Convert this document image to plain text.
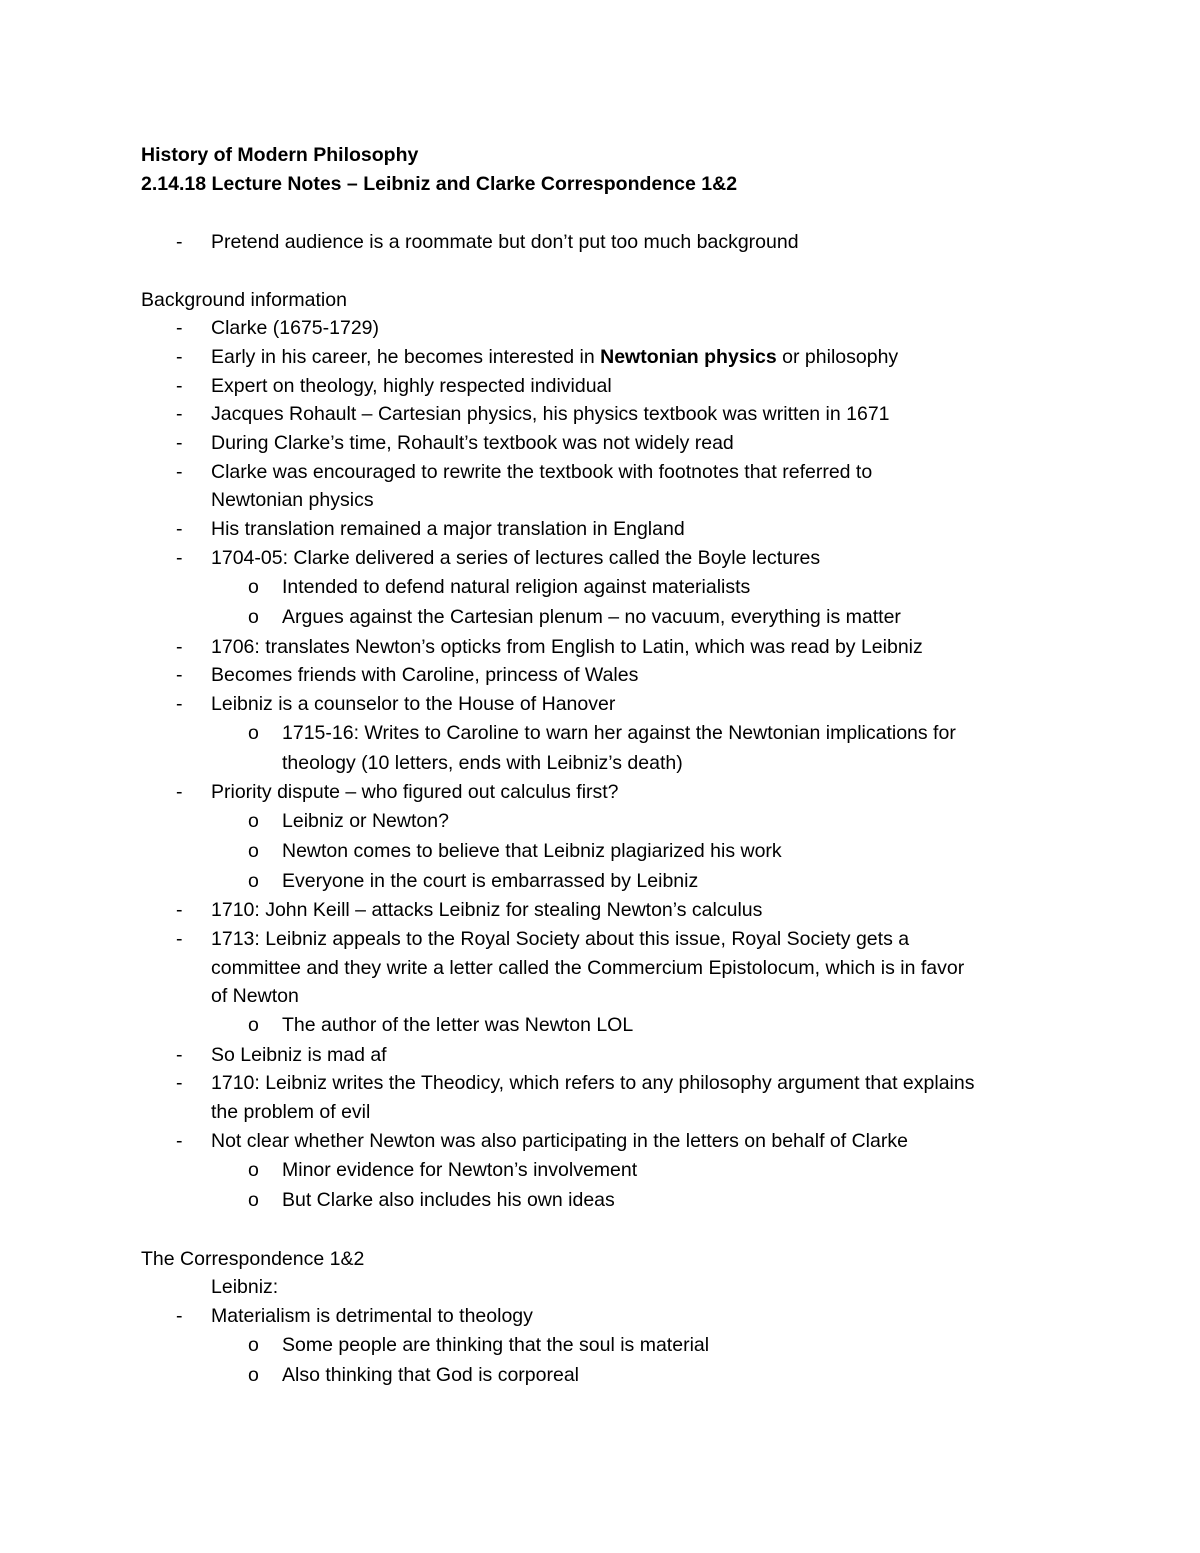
History of Modern Philosophy
2.14.18 Lecture Notes – Leibniz and Clarke Correspondence 1&2
- Pretend audience is a roommate but don’t put too much background
Background information
- Clarke (1675-1729)
- Early in his career, he becomes interested in Newtonian physics or philosophy
- Expert on theology, highly respected individual
- Jacques Rohault – Cartesian physics, his physics textbook was written in 1671
- During Clarke’s time, Rohault’s textbook was not widely read
- Clarke was encouraged to rewrite the textbook with footnotes that referred to
Newtonian physics
- His translation remained a major translation in England
- 1704-05: Clarke delivered a series of lectures called the Boyle lectures
o Intended to defend natural religion against materialists
o Argues against the Cartesian plenum – no vacuum, everything is matter
- 1706: translates Newton’s opticks from English to Latin, which was read by Leibniz
- Becomes friends with Caroline, princess of Wales
- Leibniz is a counselor to the House of Hanover
o 1715-16: Writes to Caroline to warn her against the Newtonian implications for
theology (10 letters, ends with Leibniz’s death)
- Priority dispute – who figured out calculus first?
o Leibniz or Newton?
o Newton comes to believe that Leibniz plagiarized his work
o Everyone in the court is embarrassed by Leibniz
- 1710: John Keill – attacks Leibniz for stealing Newton’s calculus
- 1713: Leibniz appeals to the Royal Society about this issue, Royal Society gets a
committee and they write a letter called the Commercium Epistolocum, which is in favor
of Newton
o The author of the letter was Newton LOL
- So Leibniz is mad af
- 1710: Leibniz writes the Theodicy, which refers to any philosophy argument that explains
the problem of evil
- Not clear whether Newton was also participating in the letters on behalf of Clarke
o Minor evidence for Newton’s involvement
o But Clarke also includes his own ideas
The Correspondence 1&2
Leibniz:
- Materialism is detrimental to theology
o Some people are thinking that the soul is material
o Also thinking that God is corporeal
